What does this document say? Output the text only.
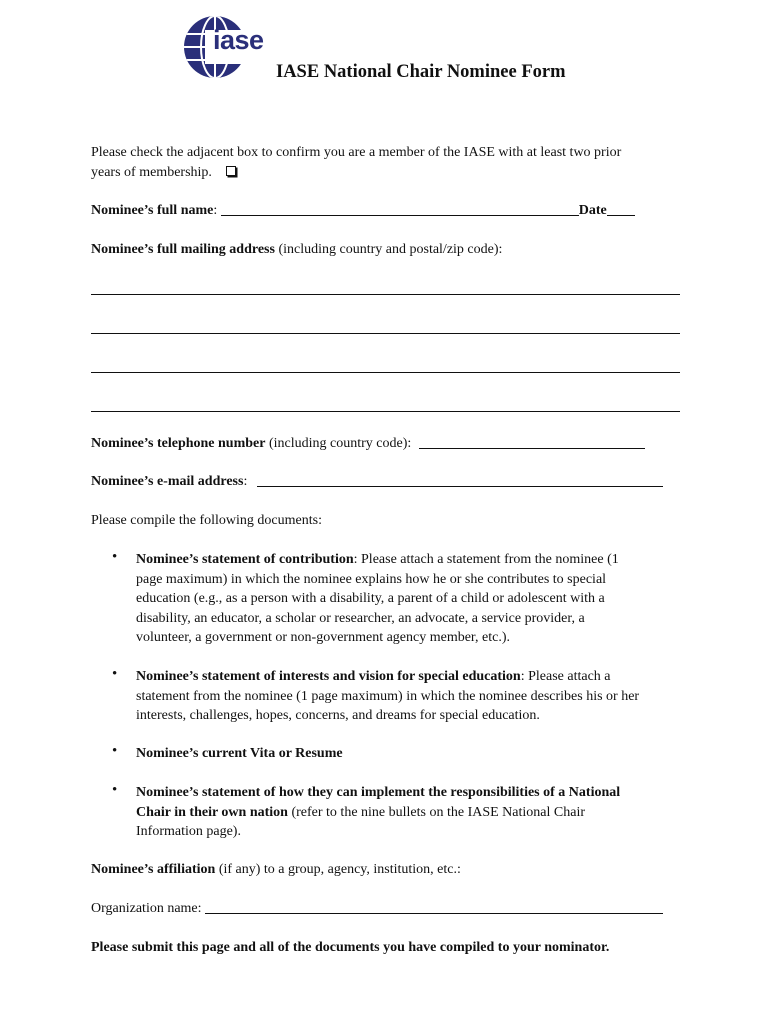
iase
IASE National Chair Nominee Form
Please check the adjacent box to confirm you are a member of the IASE with at least two prior
years of membership.
Nominee’s full name:	Date
Nominee’s full mailing address (including country and postal/zip code):
Nominee’s telephone number (including country code):
Nominee’s e-mail address:
Please compile the following documents:
• Nominee’s statement of contribution: Please attach a statement from the nominee (1
page maximum) in which the nominee explains how he or she contributes to special
education (e.g., as a person with a disability, a parent of a child or adolescent with a
disability, an educator, a scholar or researcher, an advocate, a service provider, a
volunteer, a government or non-government agency member, etc.).
• Nominee’s statement of interests and vision for special education: Please attach a
statement from the nominee (1 page maximum) in which the nominee describes his or her
interests, challenges, hopes, concerns, and dreams for special education.
• Nominee’s current Vita or Resume
• Nominee’s statement of how they can implement the responsibilities of a National
Chair in their own nation (refer to the nine bullets on the IASE National Chair
Information page).
Nominee’s affiliation (if any) to a group, agency, institution, etc.:
Organization name:
Please submit this page and all of the documents you have compiled to your nominator.
